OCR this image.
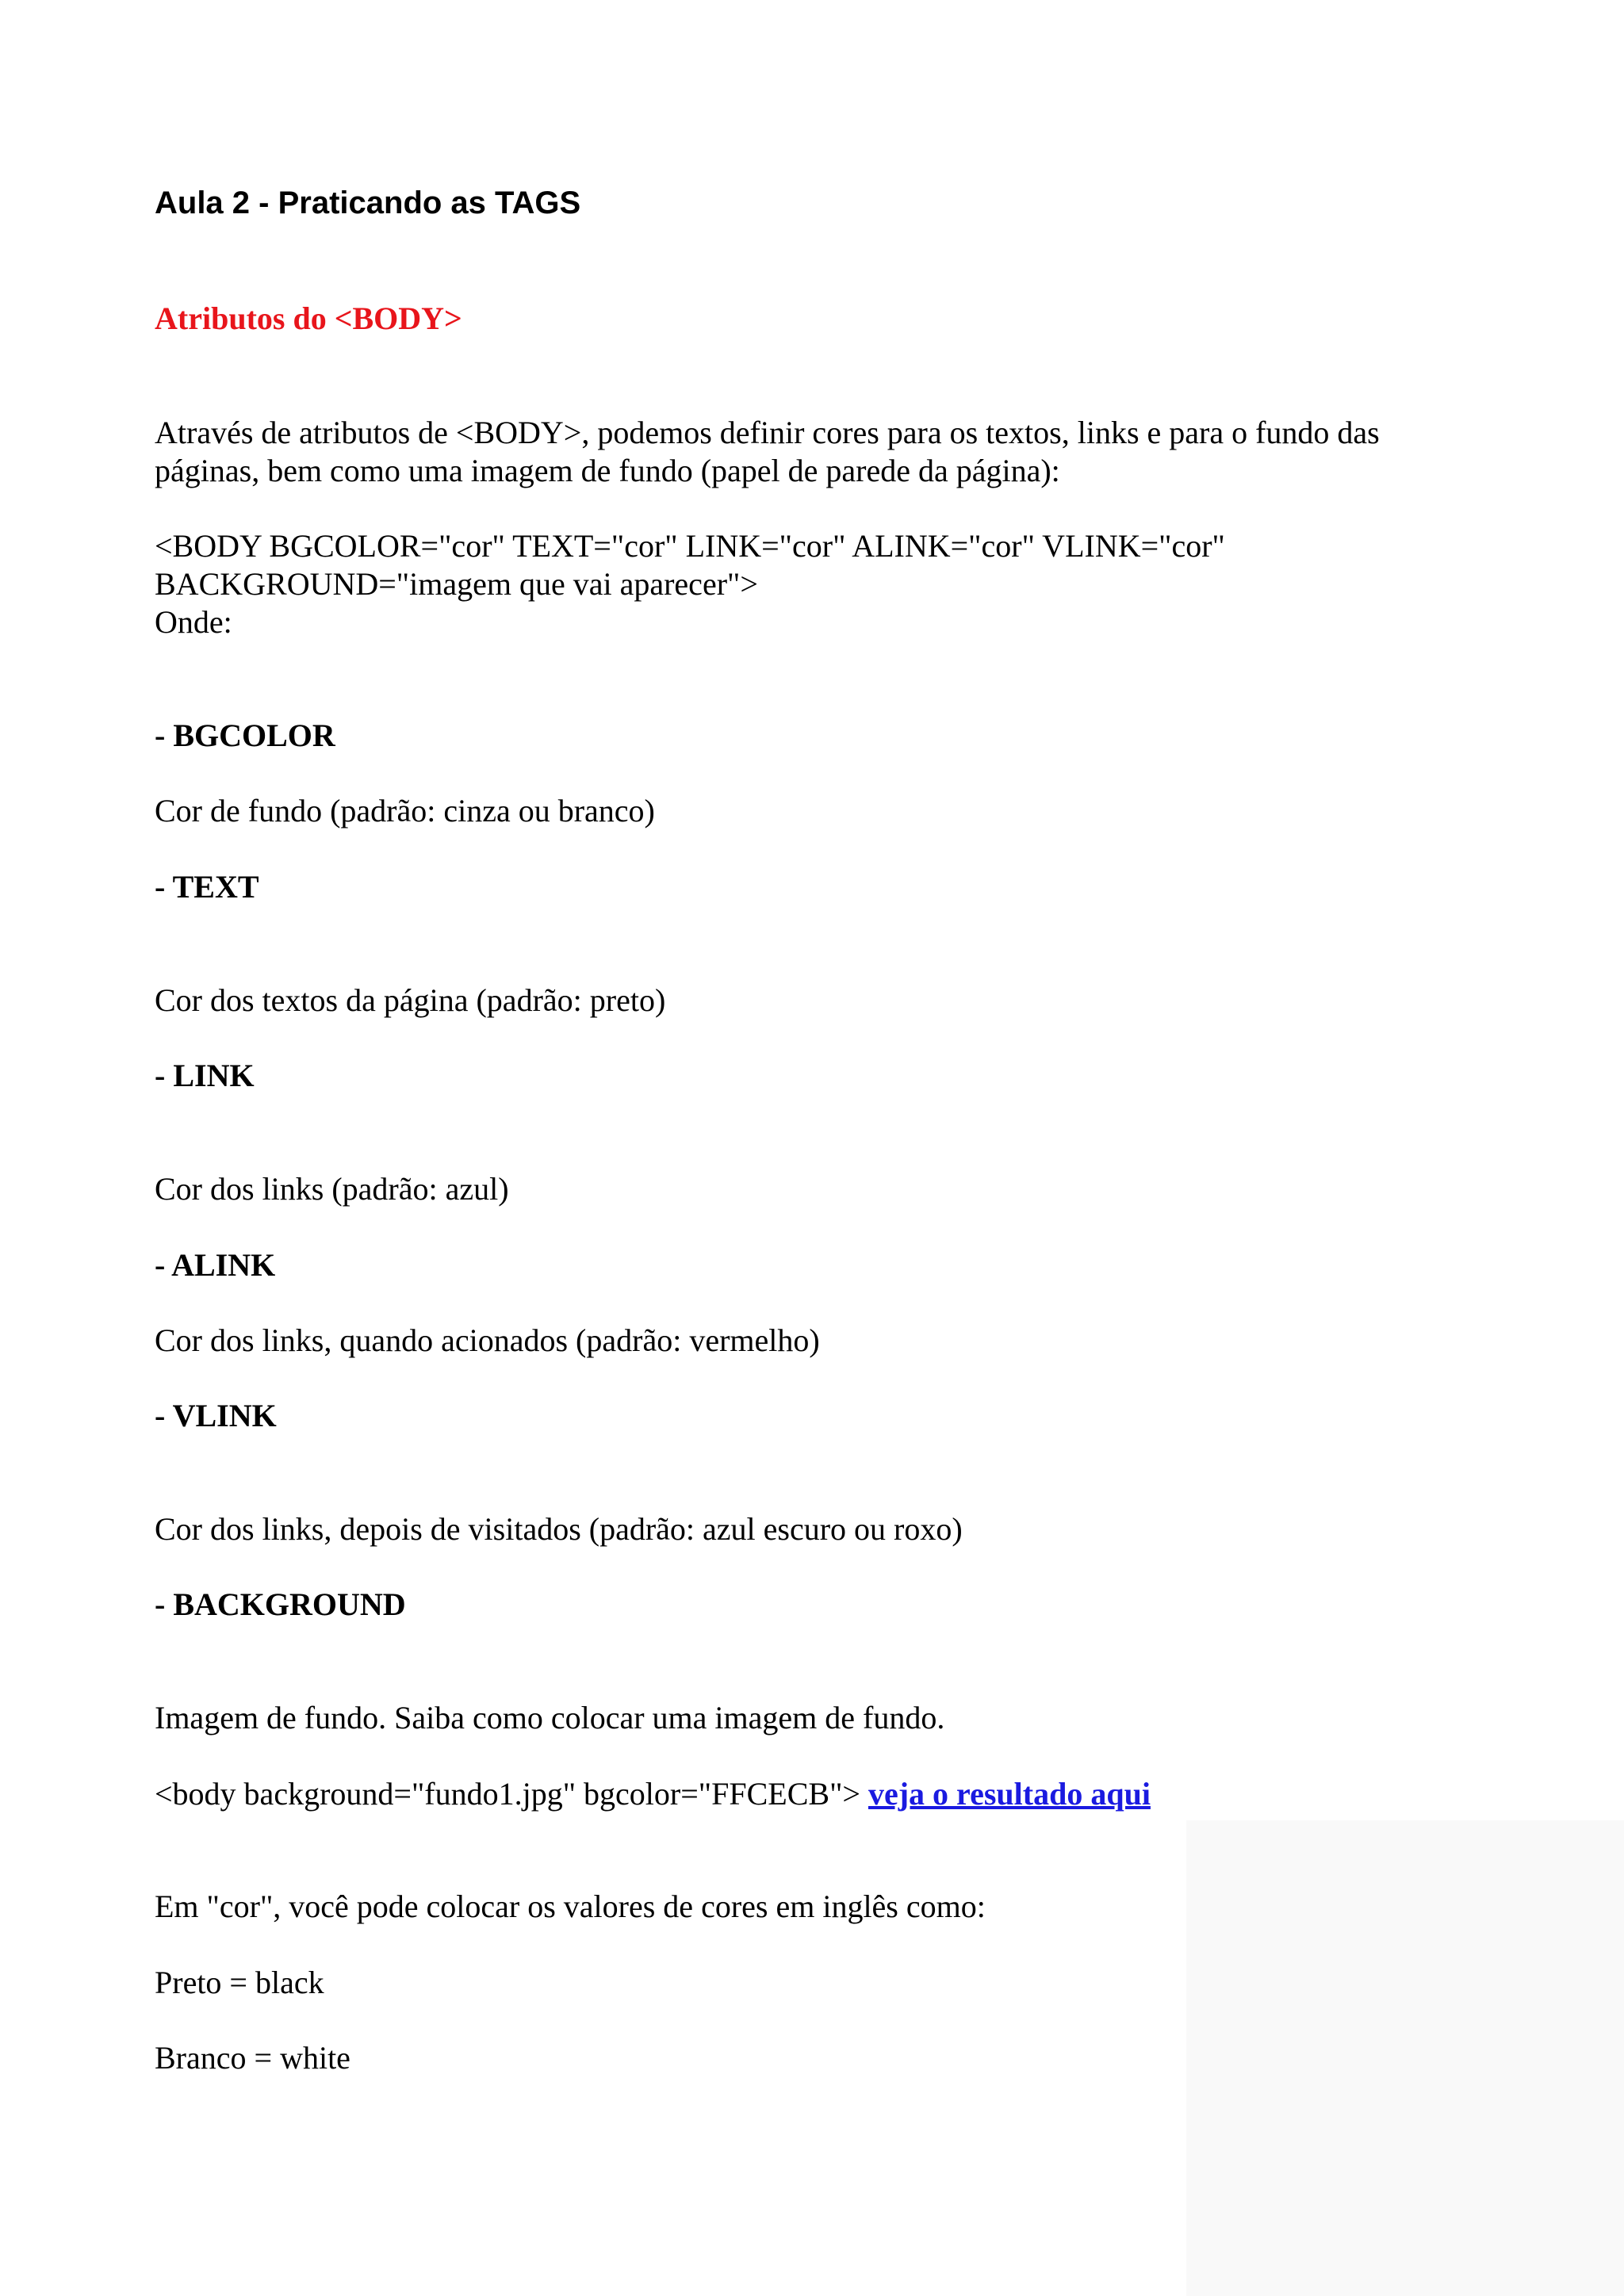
Aula 2 - Praticando as TAGS
Atributos do <BODY>
Através de atributos de <BODY>, podemos definir cores para os textos, links e para o fundo das
páginas, bem como uma imagem de fundo (papel de parede da página):
<BODY BGCOLOR="cor" TEXT="cor" LINK="cor" ALINK="cor" VLINK="cor"
BACKGROUND="imagem que vai aparecer">
Onde:
- BGCOLOR
Cor de fundo (padrão: cinza ou branco)
- TEXT
Cor dos textos da página (padrão: preto)
- LINK
Cor dos links (padrão: azul)
- ALINK
Cor dos links, quando acionados (padrão: vermelho)
- VLINK
Cor dos links, depois de visitados (padrão: azul escuro ou roxo)
- BACKGROUND
Imagem de fundo. Saiba como colocar uma imagem de fundo.
<body background="fundo1.jpg" bgcolor="FFCECB"> veja o resultado aqui
Em "cor", você pode colocar os valores de cores em inglês como:
Preto = black
Branco = white
